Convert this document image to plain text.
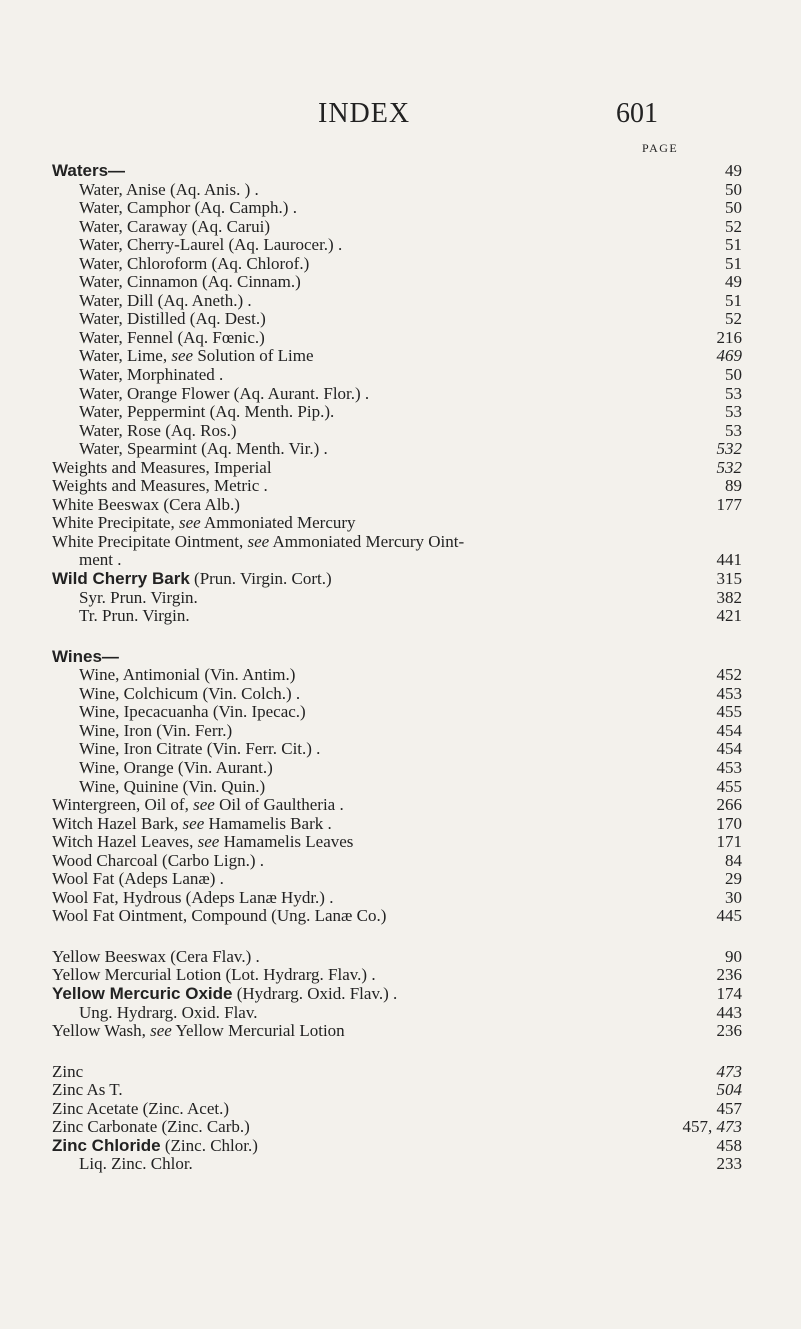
INDEX	601
PAGE
Waters—	49
Water, Anise (Aq. Anis. ) .	50
Water, Camphor (Aq. Camph.) .	50
Water, Caraway (Aq. Carui)	52
Water, Cherry-Laurel (Aq. Laurocer.) .	51
Water, Chloroform (Aq. Chlorof.)	51
Water, Cinnamon (Aq. Cinnam.)	49
Water, Dill (Aq. Aneth.) .	51
Water, Distilled (Aq. Dest.)	52
Water, Fennel (Aq. Fœnic.)	216
Water, Lime, see Solution of Lime	469
Water, Morphinated .	50
Water, Orange Flower (Aq. Aurant. Flor.) .	53
Water, Peppermint (Aq. Menth. Pip.).	53
Water, Rose (Aq. Ros.)	53
Water, Spearmint (Aq. Menth. Vir.) .	532
Weights and Measures, Imperial	532
Weights and Measures, Metric .	89
White Beeswax (Cera Alb.)	177
White Precipitate, see Ammoniated Mercury
White Precipitate Ointment, see Ammoniated Mercury Oint-
ment .	441
Wild Cherry Bark (Prun. Virgin. Cort.)	315
Syr. Prun. Virgin.	382
Tr. Prun. Virgin.	421
Wines—
Wine, Antimonial (Vin. Antim.)	452
Wine, Colchicum (Vin. Colch.) .	453
Wine, Ipecacuanha (Vin. Ipecac.)	455
Wine, Iron (Vin. Ferr.)	454
Wine, Iron Citrate (Vin. Ferr. Cit.) .	454
Wine, Orange (Vin. Aurant.)	453
Wine, Quinine (Vin. Quin.)	455
Wintergreen, Oil of, see Oil of Gaultheria .	266
Witch Hazel Bark, see Hamamelis Bark .	170
Witch Hazel Leaves, see Hamamelis Leaves	171
Wood Charcoal (Carbo Lign.) .	84
Wool Fat (Adeps Lanæ) .	29
Wool Fat, Hydrous (Adeps Lanæ Hydr.) .	30
Wool Fat Ointment, Compound (Ung. Lanæ Co.)	445
Yellow Beeswax (Cera Flav.) .	90
Yellow Mercurial Lotion (Lot. Hydrarg. Flav.) .	236
Yellow Mercuric Oxide (Hydrarg. Oxid. Flav.) .	174
Ung. Hydrarg. Oxid. Flav.	443
Yellow Wash, see Yellow Mercurial Lotion	236
Zinc	473
Zinc As T.	504
Zinc Acetate (Zinc. Acet.)	457
Zinc Carbonate (Zinc. Carb.)	457, 473
Zinc Chloride (Zinc. Chlor.)	458
Liq. Zinc. Chlor.	233
